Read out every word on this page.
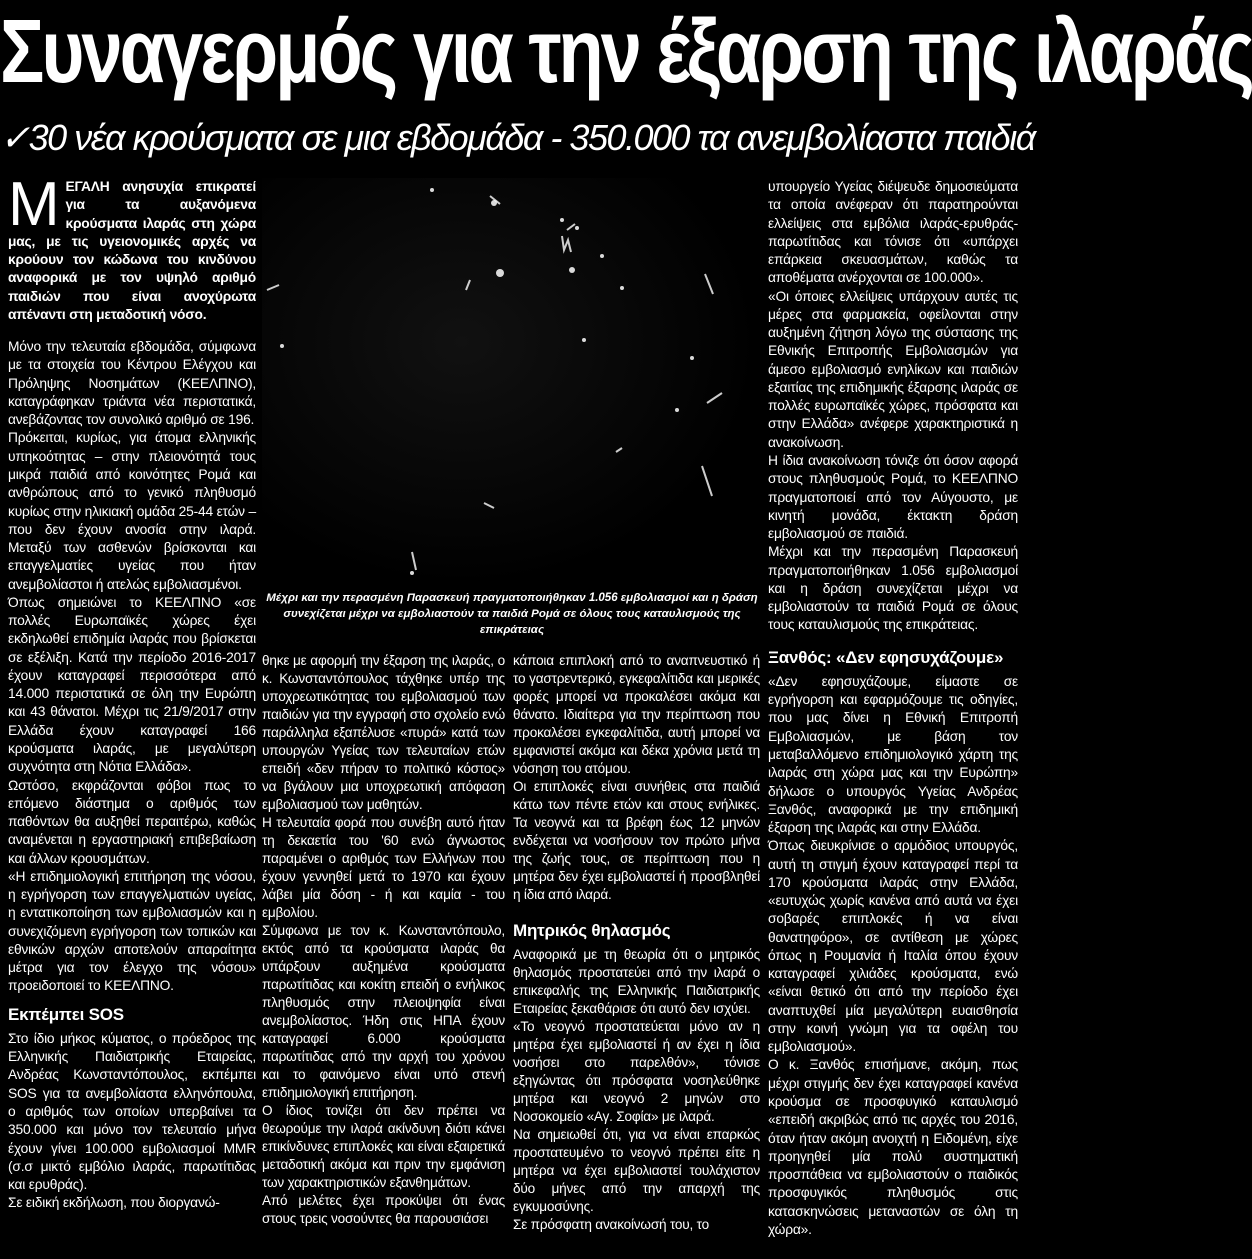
Συναγερμός για την έξαρση της ιλαράς
✓30 νέα κρούσματα σε μια εβδομάδα - 350.000 τα ανεμβολίαστα παιδιά

ΜΕΓΑΛΗ ανησυχία επικρατεί για τα αυξανόμενα κρούσματα ιλαράς στη χώρα μας, με τις υγειονομικές αρχές να κρούουν τον κώδωνα του κινδύνου αναφορικά με τον υψηλό αριθμό παιδιών που είναι ανοχύρωτα απέναντι στη μεταδοτική νόσο.

Μόνο την τελευταία εβδομάδα, σύμφωνα με τα στοιχεία του Κέντρου Ελέγχου και Πρόληψης Νοσημάτων (ΚΕΕΛΠΝΟ), καταγράφηκαν τριάντα νέα περιστατικά, ανεβάζοντας τον συνολικό αριθμό σε 196.

Πρόκειται, κυρίως, για άτομα ελληνικής υπηκοότητας – στην πλειονότητά τους μικρά παιδιά από κοινότητες Ρομά και ανθρώπους από το γενικό πληθυσμό κυρίως στην ηλικιακή ομάδα 25-44 ετών – που δεν έχουν ανοσία στην ιλαρά. Μεταξύ των ασθενών βρίσκονται και επαγγελματίες υγείας που ήταν ανεμβολίαστοι ή ατελώς εμβολιασμένοι.

Όπως σημειώνει το ΚΕΕΛΠΝΟ «σε πολλές Ευρωπαϊκές χώρες έχει εκδηλωθεί επιδημία ιλαράς που βρίσκεται σε εξέλιξη. Κατά την περίοδο 2016-2017 έχουν καταγραφεί περισσότερα από 14.000 περιστατικά σε όλη την Ευρώπη και 43 θάνατοι. Μέχρι τις 21/9/2017 στην Ελλάδα έχουν καταγραφεί 166 κρούσματα ιλαράς, με μεγαλύτερη συχνότητα στη Νότια Ελλάδα».

Ωστόσο, εκφράζονται φόβοι πως το επόμενο διάστημα ο αριθμός των παθόντων θα αυξηθεί περαιτέρω, καθώς αναμένεται η εργαστηριακή επιβεβαίωση και άλλων κρουσμάτων.

«Η επιδημιολογική επιτήρηση της νόσου, η εγρήγορση των επαγγελματιών υγείας, η εντατικοποίηση των εμβολιασμών και η συνεχιζόμενη εγρήγορση των τοπικών και εθνικών αρχών αποτελούν απαραίτητα μέτρα για τον έλεγχο της νόσου» προειδοποιεί το ΚΕΕΛΠΝΟ.

Εκπέμπει SOS

Στο ίδιο μήκος κύματος, ο πρόεδρος της Ελληνικής Παιδιατρικής Εταιρείας, Ανδρέας Κωνσταντόπουλος, εκπέμπει SOS για τα ανεμβολίαστα ελληνόπουλα, ο αριθμός των οποίων υπερβαίνει τα 350.000 και μόνο τον τελευταίο μήνα έχουν γίνει 100.000 εμβολιασμοί MMR (σ.σ μικτό εμβόλιο ιλαράς, παρωτίτιδας και ερυθράς).

Σε ειδική εκδήλωση, που διοργανώ-

Μέχρι και την περασμένη Παρασκευή πραγματοποιήθηκαν 1.056 εμβολιασμοί και η δράση συνεχίζεται μέχρι να εμβολιαστούν τα παιδιά Ρομά σε όλους τους καταυλισμούς της επικράτειας

θηκε με αφορμή την έξαρση της ιλαράς, ο κ. Κωνσταντόπουλος τάχθηκε υπέρ της υποχρεωτικότητας του εμβολιασμού των παιδιών για την εγγραφή στο σχολείο ενώ παράλληλα εξαπέλυσε «πυρά» κατά των υπουργών Υγείας των τελευταίων ετών επειδή «δεν πήραν το πολιτικό κόστος» να βγάλουν μια υποχρεωτική απόφαση εμβολιασμού των μαθητών.

Η τελευταία φορά που συνέβη αυτό ήταν τη δεκαετία του '60 ενώ άγνωστος παραμένει ο αριθμός των Ελλήνων που έχουν γεννηθεί μετά το 1970 και έχουν λάβει μία δόση - ή και καμία - του εμβολίου.

Σύμφωνα με τον κ. Κωνσταντόπουλο, εκτός από τα κρούσματα ιλαράς θα υπάρξουν αυξημένα κρούσματα παρωτίτιδας και κοκίτη επειδή ο ενήλικος πληθυσμός στην πλειοψηφία είναι ανεμβολίαστος. Ήδη στις ΗΠΑ έχουν καταγραφεί 6.000 κρούσματα παρωτίτιδας από την αρχή του χρόνου και το φαινόμενο είναι υπό στενή επιδημιολογική επιτήρηση.

Ο ίδιος τονίζει ότι δεν πρέπει να θεωρούμε την ιλαρά ακίνδυνη διότι κάνει επικίνδυνες επιπλοκές και είναι εξαιρετικά μεταδοτική ακόμα και πριν την εμφάνιση των χαρακτηριστικών εξανθημάτων.

Από μελέτες έχει προκύψει ότι ένας στους τρεις νοσούντες θα παρουσιάσει

κάποια επιπλοκή από το αναπνευστικό ή το γαστρεντερικό, εγκεφαλίτιδα και μερικές φορές μπορεί να προκαλέσει ακόμα και θάνατο. Ιδιαίτερα για την περίπτωση που προκαλέσει εγκεφαλίτιδα, αυτή μπορεί να εμφανιστεί ακόμα και δέκα χρόνια μετά τη νόσηση του ατόμου.

Οι επιπλοκές είναι συνήθεις στα παιδιά κάτω των πέντε ετών και στους ενήλικες. Τα νεογνά και τα βρέφη έως 12 μηνών ενδέχεται να νοσήσουν τον πρώτο μήνα της ζωής τους, σε περίπτωση που η μητέρα δεν έχει εμβολιαστεί ή προσβληθεί η ίδια από ιλαρά.

Μητρικός θηλασμός

Αναφορικά με τη θεωρία ότι ο μητρικός θηλασμός προστατεύει από την ιλαρά ο επικεφαλής της Ελληνικής Παιδιατρικής Εταιρείας ξεκαθάρισε ότι αυτό δεν ισχύει.

«Το νεογνό προστατεύεται μόνο αν η μητέρα έχει εμβολιαστεί ή αν έχει η ίδια νοσήσει στο παρελθόν», τόνισε εξηγώντας ότι πρόσφατα νοσηλεύθηκε μητέρα και νεογνό 2 μηνών στο Νοσοκομείο «Αγ. Σοφία» με ιλαρά.

Να σημειωθεί ότι, για να είναι επαρκώς προστατευμένο το νεογνό πρέπει είτε η μητέρα να έχει εμβολιαστεί τουλάχιστον δύο μήνες από την απαρχή της εγκυμοσύνης.

Σε πρόσφατη ανακοίνωσή του, το

υπουργείο Υγείας διέψευδε δημοσιεύματα τα οποία ανέφεραν ότι παρατηρούνται ελλείψεις στα εμβόλια ιλαράς-ερυθράς-παρωτίτιδας και τόνισε ότι «υπάρχει επάρκεια σκευασμάτων, καθώς τα αποθέματα ανέρχονται σε 100.000».

«Οι όποιες ελλείψεις υπάρχουν αυτές τις μέρες στα φαρμακεία, οφείλονται στην αυξημένη ζήτηση λόγω της σύστασης της Εθνικής Επιτροπής Εμβολιασμών για άμεσο εμβολιασμό ενηλίκων και παιδιών εξαιτίας της επιδημικής έξαρσης ιλαράς σε πολλές ευρωπαϊκές χώρες, πρόσφατα και στην Ελλάδα» ανέφερε χαρακτηριστικά η ανακοίνωση.

Η ίδια ανακοίνωση τόνιζε ότι όσον αφορά στους πληθυσμούς Ρομά, το ΚΕΕΛΠΝΟ πραγματοποιεί από τον Αύγουστο, με κινητή μονάδα, έκτακτη δράση εμβολιασμού σε παιδιά.

Μέχρι και την περασμένη Παρασκευή πραγματοποιήθηκαν 1.056 εμβολιασμοί και η δράση συνεχίζεται μέχρι να εμβολιαστούν τα παιδιά Ρομά σε όλους τους καταυλισμούς της επικράτειας.

Ξανθός: «Δεν εφησυχάζουμε»

«Δεν εφησυχάζουμε, είμαστε σε εγρήγορση και εφαρμόζουμε τις οδηγίες, που μας δίνει η Εθνική Επιτροπή Εμβολιασμών, με βάση τον μεταβαλλόμενο επιδημιολογικό χάρτη της ιλαράς στη χώρα μας και την Ευρώπη» δήλωσε ο υπουργός Υγείας Ανδρέας Ξανθός, αναφορικά με την επιδημική έξαρση της ιλαράς και στην Ελλάδα.

Όπως διευκρίνισε ο αρμόδιος υπουργός, αυτή τη στιγμή έχουν καταγραφεί περί τα 170 κρούσματα ιλαράς στην Ελλάδα, «ευτυχώς χωρίς κανένα από αυτά να έχει σοβαρές επιπλοκές ή να είναι θανατηφόρο», σε αντίθεση με χώρες όπως η Ρουμανία ή Ιταλία όπου έχουν καταγραφεί χιλιάδες κρούσματα, ενώ «είναι θετικό ότι από την περίοδο έχει αναπτυχθεί μία μεγαλύτερη ευαισθησία στην κοινή γνώμη για τα οφέλη του εμβολιασμού».

Ο κ. Ξανθός επισήμανε, ακόμη, πως μέχρι στιγμής δεν έχει καταγραφεί κανένα κρούσμα σε προσφυγικό καταυλισμό «επειδή ακριβώς από τις αρχές του 2016, όταν ήταν ακόμη ανοιχτή η Ειδομένη, είχε προηγηθεί μία πολύ συστηματική προσπάθεια να εμβολιαστούν ο παιδικός προσφυγικός πληθυσμός στις κατασκηνώσεις μεταναστών σε όλη τη χώρα».
